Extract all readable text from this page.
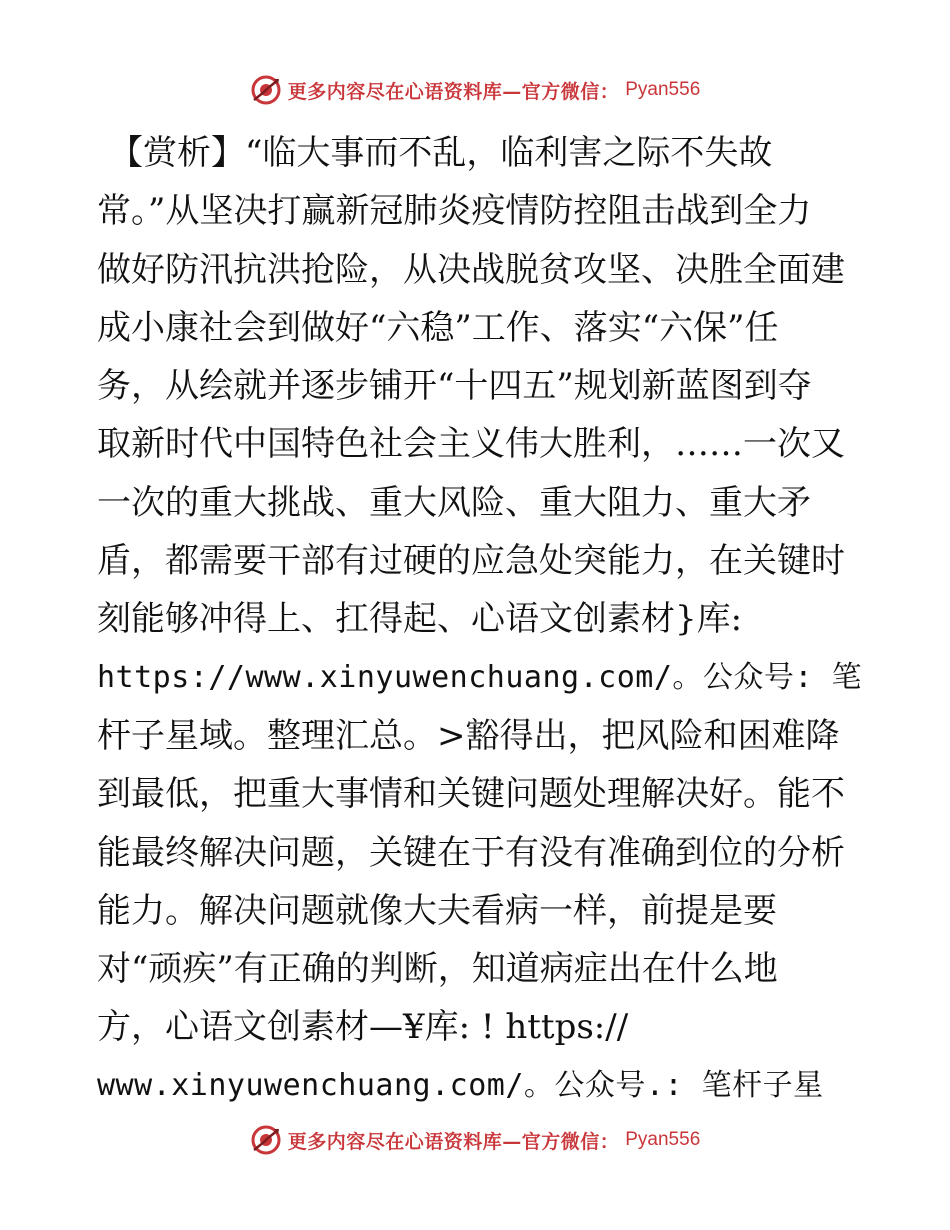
更多内容尽在心语资料库—官方微信： Pyan556
【赏析】“临大事而不乱，临利害之际不失故
常。”从坚决打赢新冠肺炎疫情防控阻击战到全力
做好防汛抗洪抢险，从决战脱贫攻坚、决胜全面建
成小康社会到做好“六稳”工作、落实“六保”任
务，从绘就并逐步铺开“十四五”规划新蓝图到夺
取新时代中国特色社会主义伟大胜利，……一次又
一次的重大挑战、重大风险、重大阻力、重大矛
盾，都需要干部有过硬的应急处突能力，在关键时
刻能够冲得上、扛得起、心语文创素材}库:
https://www.xinyuwenchuang.com/。公众号: 笔
杆子星域。整理汇总。>豁得出，把风险和困难降
到最低，把重大事情和关键问题处理解决好。能不
能最终解决问题，关键在于有没有准确到位的分析
能力。解决问题就像大夫看病一样，前提是要
对“顽疾”有正确的判断，知道病症出在什么地
方，心语文创素材—¥库: ! https://
www.xinyuwenchuang.com/。公众号.: 笔杆子星
更多内容尽在心语资料库—官方微信： Pyan556
